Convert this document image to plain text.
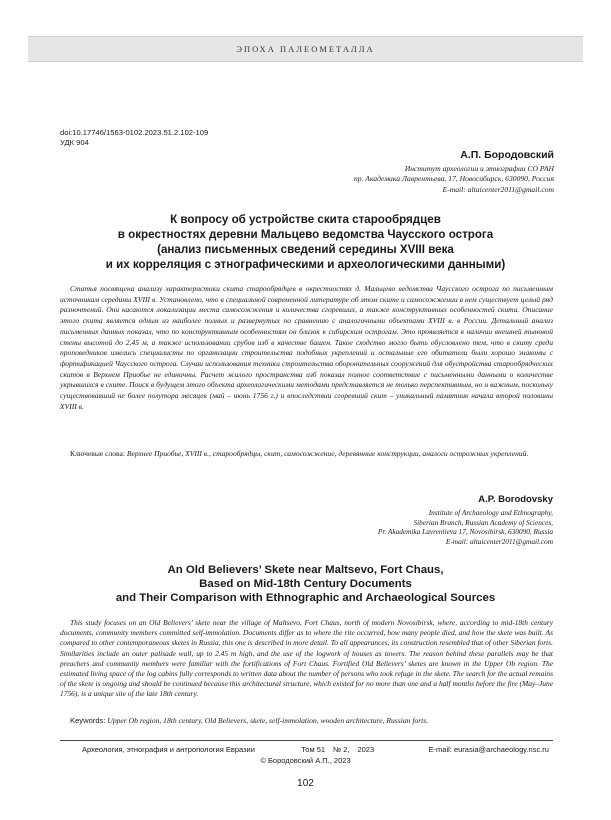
ЭПОХА ПАЛЕОМЕТАЛЛА
doi:10.17746/1563-0102.2023.51.2.102-109
УДК 904
А.П. Бородовский
Институт археологии и этнографии СО РАН
пр. Академика Лаврентьева, 17, Новосибирск, 630090, Россия
E-mail: altaicenter2011@gmail.com
К вопросу об устройстве скита старообрядцев
в окрестностях деревни Мальцево ведомства Чаусского острога
(анализ письменных сведений середины XVIII века
и их корреляция с этнографическими и археологическими данными)

Статья посвящена анализу характеристики скита старообрядцев в окрестностях д. Мальцево ведомства Чаусского острога по письменным источникам середины XVIII в. Установлено, что в специальной современной литературе об этом ските и самосожжении в нем существует целый ряд разночтений. Они касаются локализации места самосожжения и количества сгоревших, а также конструктивных особенностей скита. Описание этого скита является одним из наиболее полных и развернутых по сравнению с аналогичными объектами XVIII в. в России. Детальный анализ письменных данных показал, что по конструктивным особенностям он близок к сибирским острогам. Это проявляется в наличии внешней тыновой стены высотой до 2,45 м, а также использовании срубов изб в качестве башен. Такое сходство могло быть обусловлено тем, что в скиту среди проповедников имелись специалисты по организации строительства подобных укреплений и остальные его обитатели были хорошо знакомы с фортификацией Чаусского острога. Случаи использования техники строительства оборонительных сооружений для обустройства старообрядческих скитов в Верхнем Приобье не единичны. Расчет жилого пространства изб показал полное соответствие с письменными данными о количестве укрывшихся в ските. Поиск в будущем этого объекта археологическими методами представляется не только перспективным, но и важным, поскольку существовавший не более полутора месяцев (май – июнь 1756 г.) и впоследствии сгоревший скит – уникальный памятник начала второй половины XVIII в.

Ключевые слова: Верхнее Приобье, XVIII в., старообрядцы, скит, самосожжение, деревянные конструкции, аналоги острожных укреплений.

A.P. Borodovsky
Institute of Archaeology and Ethnography,
Siberian Branch, Russian Academy of Sciences,
Pr. Akademika Lavrentieva 17, Novosibirsk, 630090, Russia
E-mail: altaicenter2011@gmail.com
An Old Believers’ Skete near Maltsevo, Fort Chaus,
Based on Mid-18th Century Documents
and Their Comparison with Ethnographic and Archaeological Sources

This study focuses on an Old Believers’ skete near the village of Maltsevo, Fort Chaus, north of modern Novosibirsk, where, according to mid-18th century documents, community members committed self-immolation. Documents differ as to where the rite occurred, how many people died, and how the skete was built. As compared to other contemporaneous sketes in Russia, this one is described in more detail. To all appearances, its construction resembled that of other Siberian forts. Similarities include an outer palisade wall, up to 2.45 m high, and the use of the logwork of houses as towers. The reason behind these parallels may be that preachers and community members were familiar with the fortifications of Fort Chaus. Fortified Old Believers’ sketes are known in the Upper Ob region. The estimated living space of the log cabins fully corresponds to written data about the number of persons who took refuge in the skete. The search for the actual remains of the skete is ongoing and should be continued because this architectural structure, which existed for no more than one and a half months before the fire (May–June 1756), is a unique site of the late 18th century.

Keywords: Upper Ob region, 18th century, Old Believers, skete, self-immolation, wooden architecture, Russian forts.

Археология, этнография и антропология Евразии	Том 51 № 2, 2023	E-mail: eurasia@archaeology.nsc.ru
© Бородовский А.П., 2023
102
